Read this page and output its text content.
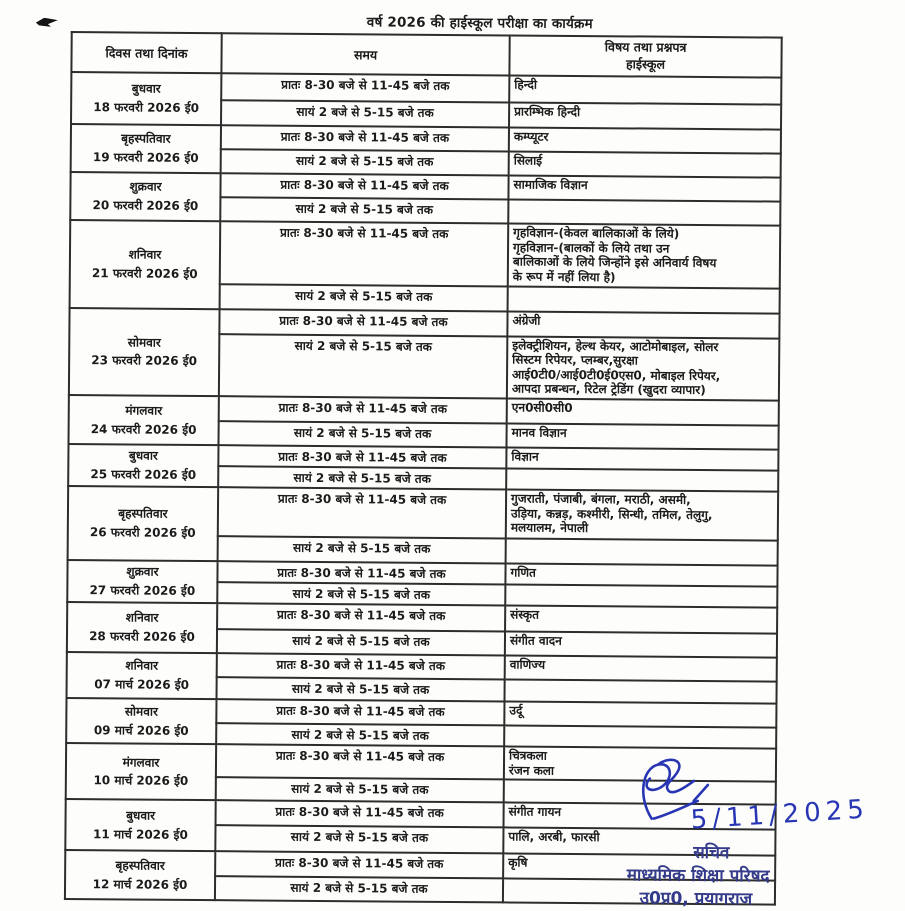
वर्ष 2026 की हाईस्कूल परीक्षा का कार्यक्रम
दिवस तथा दिनांक	समय	विषय तथा प्रश्नपत्र
हाईस्कूल

बुधवार
18 फरवरी 2026 ई0	प्रातः 8-30 बजे से 11-45 बजे तक	हिन्दी
	सायं 2 बजे से 5-15 बजे तक	प्रारम्भिक हिन्दी

बृहस्पतिवार
19 फरवरी 2026 ई0	प्रातः 8-30 बजे से 11-45 बजे तक	कम्प्यूटर
	सायं 2 बजे से 5-15 बजे तक	सिलाई

शुक्रवार
20 फरवरी 2026 ई0	प्रातः 8-30 बजे से 11-45 बजे तक	सामाजिक विज्ञान
	सायं 2 बजे से 5-15 बजे तक	

शनिवार
21 फरवरी 2026 ई0
	प्रातः 8-30 बजे से 11-45 बजे तक	गृहविज्ञान-(केवल बालिकाओं के लिये)
गृहविज्ञान-(बालकों के लिये तथा उन
बालिकाओं के लिये जिन्होंने इसे अनिवार्य विषय
के रूप में नहीं लिया है)
	सायं 2 बजे से 5-15 बजे तक	

सोमवार
23 फरवरी 2026 ई0	प्रातः 8-30 बजे से 11-45 बजे तक	अंग्रेजी
	सायं 2 बजे से 5-15 बजे तक	इलेक्ट्रीशियन, हेल्थ केयर, आटोमोबाइल, सोलर
सिस्टम रिपेयर, प्लम्बर,सुरक्षा
आई0टी0/आई0टी0ई0एस0, मोबाइल रिपेयर,
आपदा प्रबन्धन, रिटेल ट्रेडिंग (खुदरा व्यापार)

मंगलवार
24 फरवरी 2026 ई0	प्रातः 8-30 बजे से 11-45 बजे तक	एन0सी0सी0
	सायं 2 बजे से 5-15 बजे तक	मानव विज्ञान

बुधवार
25 फरवरी 2026 ई0	प्रातः 8-30 बजे से 11-45 बजे तक	विज्ञान
	सायं 2 बजे से 5-15 बजे तक	

बृहस्पतिवार
26 फरवरी 2026 ई0
	प्रातः 8-30 बजे से 11-45 बजे तक	गुजराती, पंजाबी, बंगला, मराठी, असमी,
उड़िया, कन्नड़, कश्मीरी, सिन्धी, तमिल, तेलुगु,
मलयालम, नेपाली
	सायं 2 बजे से 5-15 बजे तक	

शुक्रवार
27 फरवरी 2026 ई0	प्रातः 8-30 बजे से 11-45 बजे तक	गणित
	सायं 2 बजे से 5-15 बजे तक	

शनिवार
28 फरवरी 2026 ई0	प्रातः 8-30 बजे से 11-45 बजे तक	संस्कृत
	सायं 2 बजे से 5-15 बजे तक	संगीत वादन

शनिवार
07 मार्च 2026 ई0	प्रातः 8-30 बजे से 11-45 बजे तक	वाणिज्य
	सायं 2 बजे से 5-15 बजे तक	

सोमवार
09 मार्च 2026 ई0	प्रातः 8-30 बजे से 11-45 बजे तक	उर्दू
	सायं 2 बजे से 5-15 बजे तक	

मंगलवार
10 मार्च 2026 ई0
	प्रातः 8-30 बजे से 11-45 बजे तक	चित्रकला
रंजन कला
	सायं 2 बजे से 5-15 बजे तक	

बुधवार
11 मार्च 2026 ई0	प्रातः 8-30 बजे से 11-45 बजे तक	संगीत गायन
	सायं 2 बजे से 5-15 बजे तक	पालि, अरबी, फारसी

बृहस्पतिवार
12 मार्च 2026 ई0	प्रातः 8-30 बजे से 11-45 बजे तक	कृषि
	सायं 2 बजे से 5-15 बजे तक	
5/11/2025
सचिव
माध्यमिक शिक्षा परिषद
उ0प्र0, प्रयागराज
